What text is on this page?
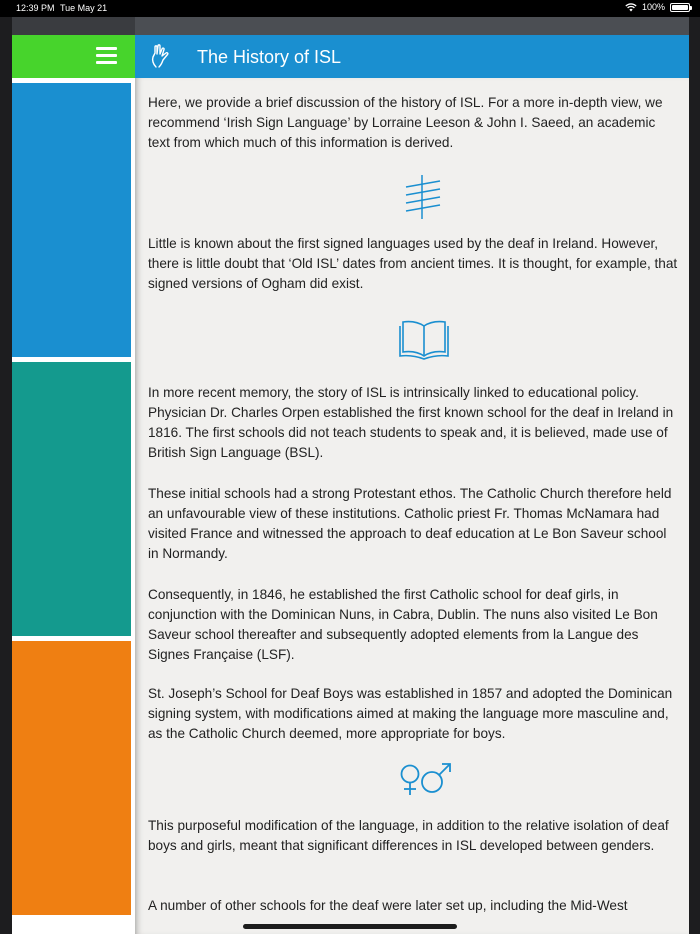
12:39 PM Tue May 21	100%
The History of ISL

Here, we provide a brief discussion of the history of ISL. For a more in-depth view, we recommend ‘Irish Sign Language’ by Lorraine Leeson & John I. Saeed, an academic text from which much of this information is derived.

Little is known about the first signed languages used by the deaf in Ireland. However, there is little doubt that ‘Old ISL’ dates from ancient times. It is thought, for example, that signed versions of Ogham did exist.

In more recent memory, the story of ISL is intrinsically linked to educational policy. Physician Dr. Charles Orpen established the first known school for the deaf in Ireland in 1816. The first schools did not teach students to speak and, it is believed, made use of British Sign Language (BSL).

These initial schools had a strong Protestant ethos. The Catholic Church therefore held an unfavourable view of these institutions. Catholic priest Fr. Thomas McNamara had visited France and witnessed the approach to deaf education at Le Bon Saveur school in Normandy.

Consequently, in 1846, he established the first Catholic school for deaf girls, in conjunction with the Dominican Nuns, in Cabra, Dublin. The nuns also visited Le Bon Saveur school thereafter and subsequently adopted elements from la Langue des Signes Française (LSF).

St. Joseph’s School for Deaf Boys was established in 1857 and adopted the Dominican signing system, with modifications aimed at making the language more masculine and, as the Catholic Church deemed, more appropriate for boys.

This purposeful modification of the language, in addition to the relative isolation of deaf boys and girls, meant that significant differences in ISL developed between genders.

A number of other schools for the deaf were later set up, including the Mid-West
